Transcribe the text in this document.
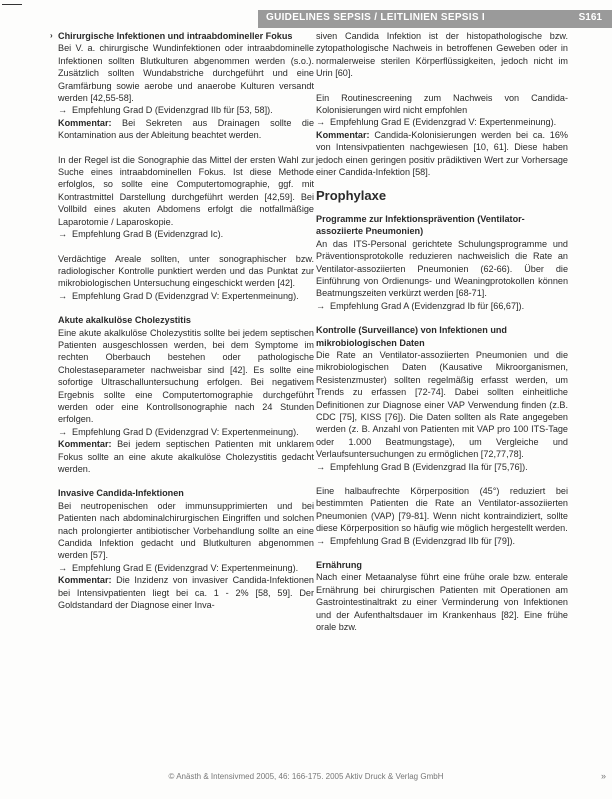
GUIDELINES SEPSIS / LEITLINIEN SEPSIS I	S161

› Chirurgische Infektionen und intraabdomineller Fokus

Bei V. a. chirurgische Wundinfektionen oder intraabdominelle Infektionen sollten Blutkulturen abgenommen werden (s.o.). Zusätzlich sollten Wundabstriche durchgeführt und eine Gramfärbung sowie aerobe und anaerobe Kulturen versandt werden [42,55-58].

→ Empfehlung Grad D (Evidenzgrad IIb für [53, 58]).

Kommentar: Bei Sekreten aus Drainagen sollte die Kontamination aus der Ableitung beachtet werden.

In der Regel ist die Sonographie das Mittel der ersten Wahl zur Suche eines intraabdominellen Fokus. Ist diese Methode erfolglos, so sollte eine Computertomographie, ggf. mit Kontrastmittel Darstellung durchgeführt werden [42,59]. Bei Vollbild eines akuten Abdomens erfolgt die notfallmäßige Laparotomie / Laparoskopie.

→ Empfehlung Grad B (Evidenzgrad Ic).

Verdächtige Areale sollten, unter sonographischer bzw. radiologischer Kontrolle punktiert werden und das Punktat zur mikrobiologischen Untersuchung eingeschickt werden [42].

→ Empfehlung Grad D (Evidenzgrad V: Expertenmeinung).

Akute akalkulöse Cholezystitis

Eine akute akalkulöse Cholezystitis sollte bei jedem septischen Patienten ausgeschlossen werden, bei dem Symptome im rechten Oberbauch bestehen oder pathologische Cholestaseparameter nachweisbar sind [42]. Es sollte eine sofortige Ultraschalluntersuchung erfolgen. Bei negativem Ergebnis sollte eine Computertomographie durchgeführt werden oder eine Kontrollsonographie nach 24 Stunden erfolgen.

→ Empfehlung Grad D (Evidenzgrad V: Expertenmeinung).

Kommentar: Bei jedem septischen Patienten mit unklarem Fokus sollte an eine akute akalkulöse Cholezystitis gedacht werden.

Invasive Candida-Infektionen

Bei neutropenischen oder immunsupprimierten und bei Patienten nach abdominalchirurgischen Eingriffen und solchen nach prolongierter antibiotischer Vorbehandlung sollte an eine Candida Infektion gedacht und Blutkulturen abgenommen werden [57].

→ Empfehlung Grad E (Evidenzgrad V: Expertenmeinung).

Kommentar: Die Inzidenz von invasiver Candida-Infektionen bei Intensivpatienten liegt bei ca. 1 - 2% [58, 59]. Der Goldstandard der Diagnose einer Inva-

siven Candida Infektion ist der histopathologische bzw. zytopathologische Nachweis in betroffenen Geweben oder in normalerweise sterilen Körperflüssigkeiten, jedoch nicht im Urin [60].

Ein Routinescreening zum Nachweis von Candida-Kolonisierungen wird nicht empfohlen

→ Empfehlung Grad E (Evidenzgrad V: Expertenmeinung).

Kommentar: Candida-Kolonisierungen werden bei ca. 16% von Intensivpatienten nachgewiesen [10, 61]. Diese haben jedoch einen geringen positiv prädiktiven Wert zur Vorhersage einer Candida-Infektion [58].

Prophylaxe

Programme zur Infektionsprävention (Ventilator-assoziierte Pneumonien)

An das ITS-Personal gerichtete Schulungsprogramme und Präventionsprotokolle reduzieren nachweislich die Rate an Ventilator-assoziierten Pneumonien (62-66). Über die Einführung von Ordienungs- und Weaningprotokollen können Beatmungszeiten verkürzt werden [68-71].

→ Empfehlung Grad A (Evidenzgrad Ib für [66,67]).

Kontrolle (Surveillance) von Infektionen und mikrobiologischen Daten

Die Rate an Ventilator-assoziierten Pneumonien und die mikrobiologischen Daten (Kausative Mikroorganismen, Resistenzmuster) sollten regelmäßig erfasst werden, um Trends zu erfassen [72-74]. Dabei sollten einheitliche Definitionen zur Diagnose einer VAP Verwendung finden (z.B. CDC [75], KISS [76]). Die Daten sollten als Rate angegeben werden (z. B. Anzahl von Patienten mit VAP pro 100 ITS-Tage oder 1.000 Beatmungstage), um Vergleiche und Verlaufsuntersuchungen zu ermöglichen [72,77,78].

→ Empfehlung Grad B (Evidenzgrad IIa für [75,76]).

Eine halbaufrechte Körperposition (45°) reduziert bei bestimmten Patienten die Rate an Ventilator-assoziierten Pneumonien (VAP) [79-81]. Wenn nicht kontraindiziert, sollte diese Körperposition so häufig wie möglich hergestellt werden.

→ Empfehlung Grad B (Evidenzgrad IIb für [79]).

Ernährung

Nach einer Metaanalyse führt eine frühe orale bzw. enterale Ernährung bei chirurgischen Patienten mit Operationen am Gastrointestinaltrakt zu einer Verminderung von Infektionen und der Aufenthaltsdauer im Krankenhaus [82]. Eine frühe orale bzw.

© Anästh & Intensivmed 2005, 46: 166-175. 2005 Aktiv Druck & Verlag GmbH	»
